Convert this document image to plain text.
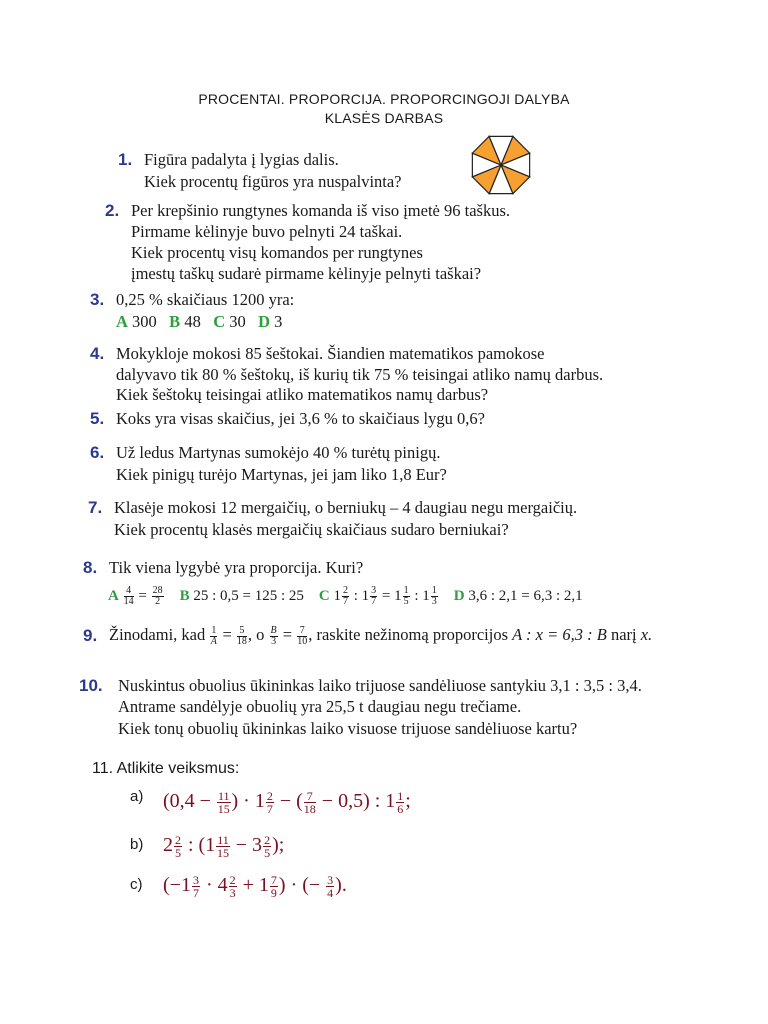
PROCENTAI. PROPORCIJA. PROPORCINGOJI DALYBA
KLASĖS DARBAS
1. Figūra padalyta į lygias dalis.
Kiek procentų figūros yra nuspalvinta?
2. Per krepšinio rungtynes komanda iš viso įmetė 96 taškus.
Pirmame kėlinyje buvo pelnyti 24 taškai.
Kiek procentų visų komandos per rungtynes
įmestų taškų sudarė pirmame kėlinyje pelnyti taškai?
3. 0,25 % skaičiaus 1200 yra:
A 300 B 48 C 30 D 3
4. Mokykloje mokosi 85 šeštokai. Šiandien matematikos pamokose
dalyvavo tik 80 % šeštokų, iš kurių tik 75 % teisingai atliko namų darbus.
Kiek šeštokų teisingai atliko matematikos namų darbus?
5. Koks yra visas skaičius, jei 3,6 % to skaičiaus lygu 0,6?
6. Už ledus Martynas sumokėjo 40 % turėtų pinigų.
Kiek pinigų turėjo Martynas, jei jam liko 1,8 Eur?
7. Klasėje mokosi 12 mergaičių, o berniukų – 4 daugiau negu mergaičių.
Kiek procentų klasės mergaičių skaičiaus sudaro berniukai?
8. Tik viena lygybė yra proporcija. Kuri?
A $\frac{4}{14} = \frac{28}{2}$ B 25 : 0,5 = 125 : 25 C $1 \frac{2}{7}$ : $1 \frac{3}{7} = 1 \frac{1}{5}$ : $1 \frac{1}{3}$ D 3,6 : 2,1 = 6,3 : 2,1
9. Žinodami, kad $\frac{1}{A} = \frac{5}{18}$ , o $\frac{B}{3} = \frac{7}{10}$ , raskite nežinomą proporcijos A : x = 6,3 : B narį x.
10. Nuskintus obuolius ūkininkas laiko trijuose sandėliuose santykiu 3,1 : 3,5 : 3,4.
Antrame sandėlyje obuolių yra 25,5 t daugiau negu trečiame.
Kiek tonų obuolių ūkininkas laiko visuose trijuose sandėliuose kartu?
11. Atlikite veiksmus:
a) ($0,4 - \frac{11}{15}$ ) · $1 \frac{2}{7}$ − ( $\frac{7}{18} - 0,5$) : $1 \frac{1}{6}$ ;
b) $2 \frac{2}{5}$ : ($1 \frac{11}{15} - 3 \frac{2}{5}$ );
c) ($-1 \frac{3}{7} \cdot 4 \frac{2}{3} + 1 \frac{7}{9}$ ) · (− $\frac{3}{4}$ ).
